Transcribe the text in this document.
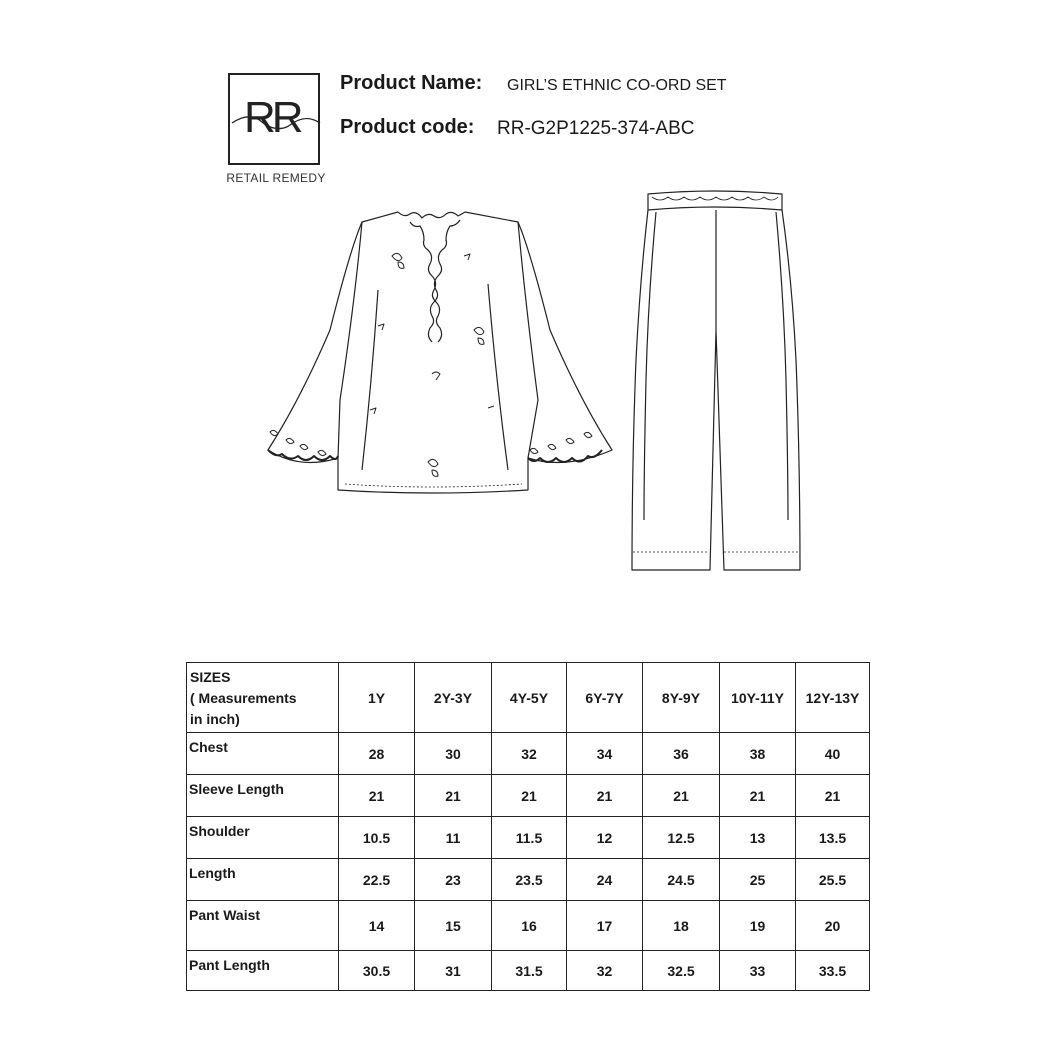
RR
RETAIL REMEDY
Product Name: GIRL’S ETHNIC CO-ORD SET
Product code: RR-G2P1225-374-ABC
SIZES
( Measurements
in inch)	1Y	2Y-3Y	4Y-5Y	6Y-7Y	8Y-9Y	10Y-11Y	12Y-13Y
Chest	28	30	32	34	36	38	40
Sleeve Length	21	21	21	21	21	21	21
Shoulder	10.5	11	11.5	12	12.5	13	13.5
Length	22.5	23	23.5	24	24.5	25	25.5
Pant Waist	14	15	16	17	18	19	20
Pant Length	30.5	31	31.5	32	32.5	33	33.5
